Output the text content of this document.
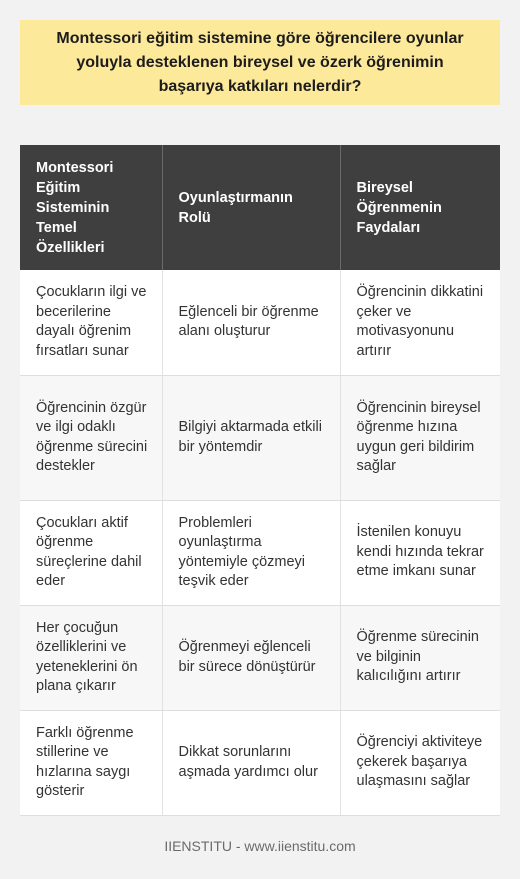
Montessori eğitim sistemine göre öğrencilere oyunlar yoluyla desteklenen bireysel ve özerk öğrenimin başarıya katkıları nelerdir?
Montessori Eğitim Sisteminin Temel Özellikleri	Oyunlaştırmanın Rolü	Bireysel Öğrenmenin Faydaları
Çocukların ilgi ve becerilerine dayalı öğrenim fırsatları sunar	Eğlenceli bir öğrenme alanı oluşturur	Öğrencinin dikkatini çeker ve motivasyonunu artırır
Öğrencinin özgür ve ilgi odaklı öğrenme sürecini destekler	Bilgiyi aktarmada etkili bir yöntemdir	Öğrencinin bireysel öğrenme hızına uygun geri bildirim sağlar
Çocukları aktif öğrenme süreçlerine dahil eder	Problemleri oyunlaştırma yöntemiyle çözmeyi teşvik eder	İstenilen konuyu kendi hızında tekrar etme imkanı sunar
Her çocuğun özelliklerini ve yeteneklerini ön plana çıkarır	Öğrenmeyi eğlenceli bir sürece dönüştürür	Öğrenme sürecinin ve bilginin kalıcılığını artırır
Farklı öğrenme stillerine ve hızlarına saygı gösterir	Dikkat sorunlarını aşmada yardımcı olur	Öğrenciyi aktiviteye çekerek başarıya ulaşmasını sağlar
IIENSTITU - www.iienstitu.com
